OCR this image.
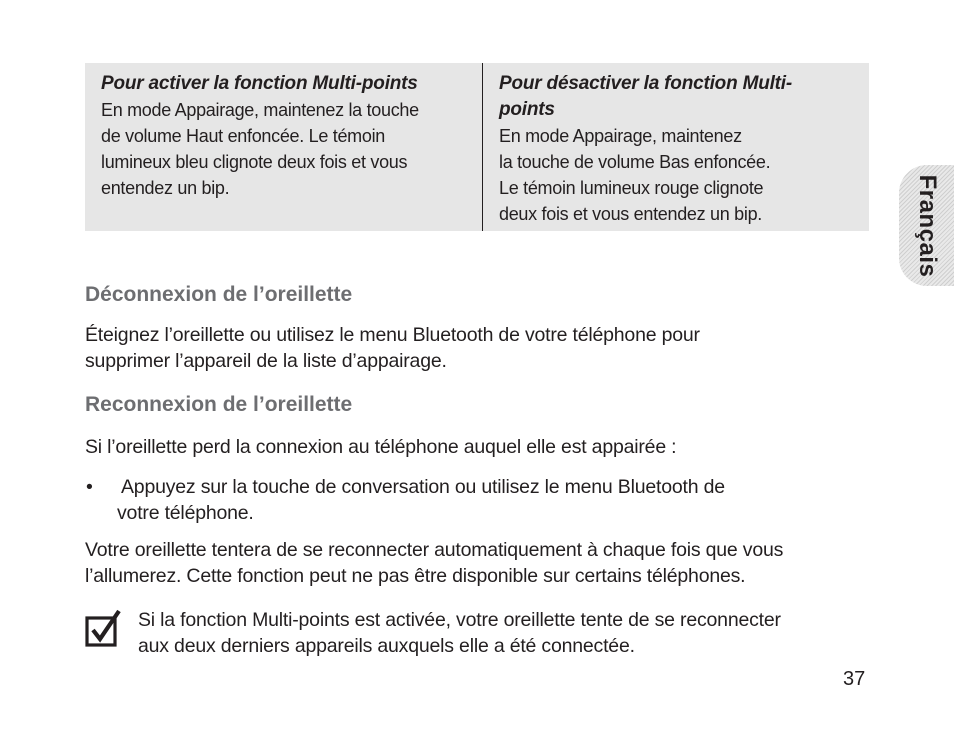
Pour activer la fonction Multi-points
En mode Appairage, maintenez la touche
de volume Haut enfoncée. Le témoin
lumineux bleu clignote deux fois et vous
entendez un bip.
Pour désactiver la fonction Multi-
points
En mode Appairage, maintenez
la touche de volume Bas enfoncée.
Le témoin lumineux rouge clignote
deux fois et vous entendez un bip.	Français
Déconnexion de l’oreillette
Éteignez l’oreillette ou utilisez le menu Bluetooth de votre téléphone pour
supprimer l’appareil de la liste d’appairage.
Reconnexion de l’oreillette
Si l’oreillette perd la connexion au téléphone auquel elle est appairée :
• Appuyez sur la touche de conversation ou utilisez le menu Bluetooth de
votre téléphone.
Votre oreillette tentera de se reconnecter automatiquement à chaque fois que vous
l’allumerez. Cette fonction peut ne pas être disponible sur certains téléphones.
Si la fonction Multi-points est activée, votre oreillette tente de se reconnecter
aux deux derniers appareils auxquels elle a été connectée.
37
